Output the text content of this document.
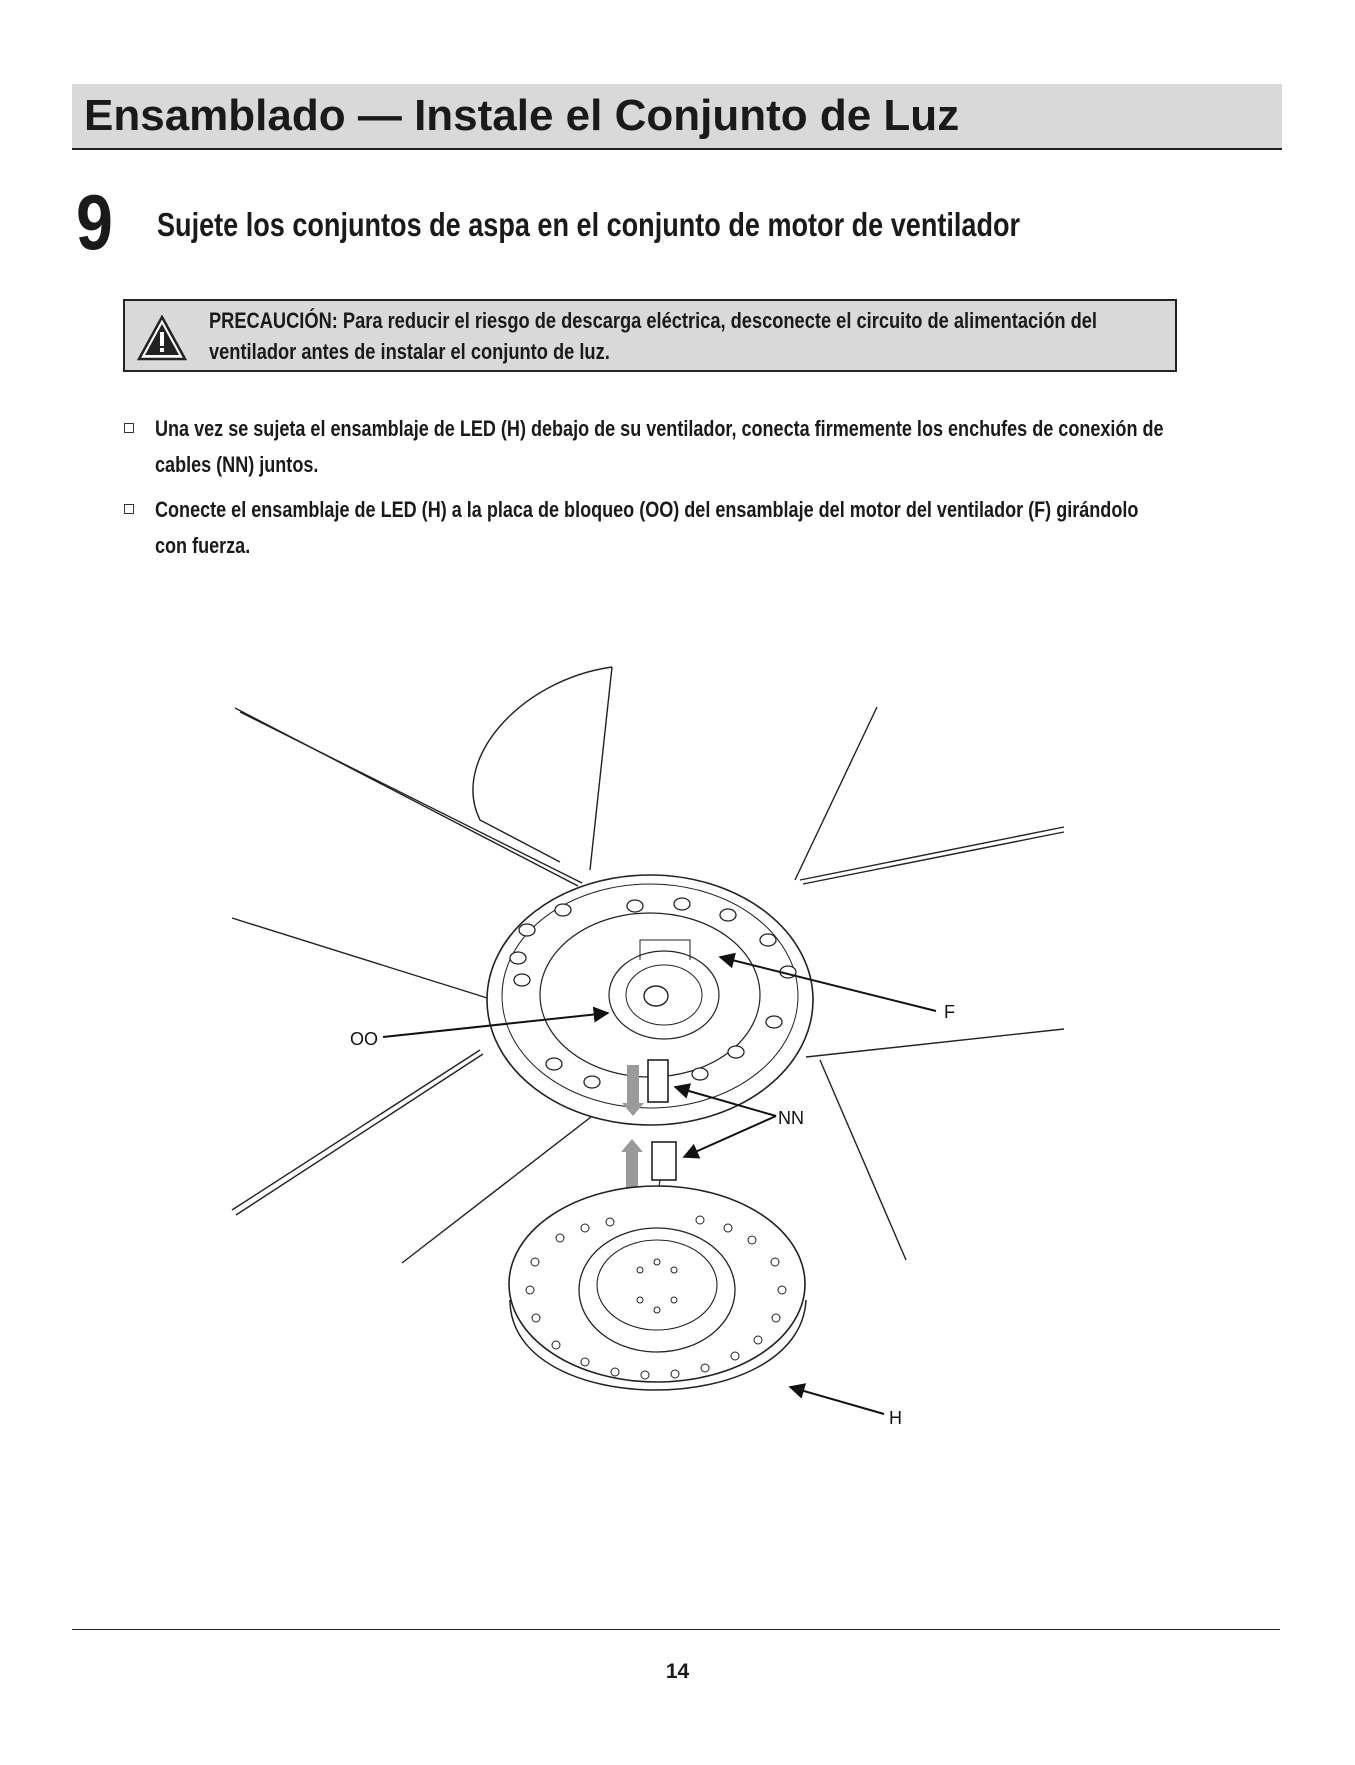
Ensamblado — Instale el Conjunto de Luz
9 Sujete los conjuntos de aspa en el conjunto de motor de ventilador
PRECAUCIÓN: Para reducir el riesgo de descarga eléctrica, desconecte el circuito de alimentación del
ventilador antes de instalar el conjunto de luz.
Una vez se sujeta el ensamblaje de LED (H) debajo de su ventilador, conecta firmemente los enchufes de conexión de
cables (NN) juntos.
Conecte el ensamblaje de LED (H) a la placa de bloqueo (OO) del ensamblaje del motor del ventilador (F) girándolo
con fuerza.
OO
F
NN
H
14
